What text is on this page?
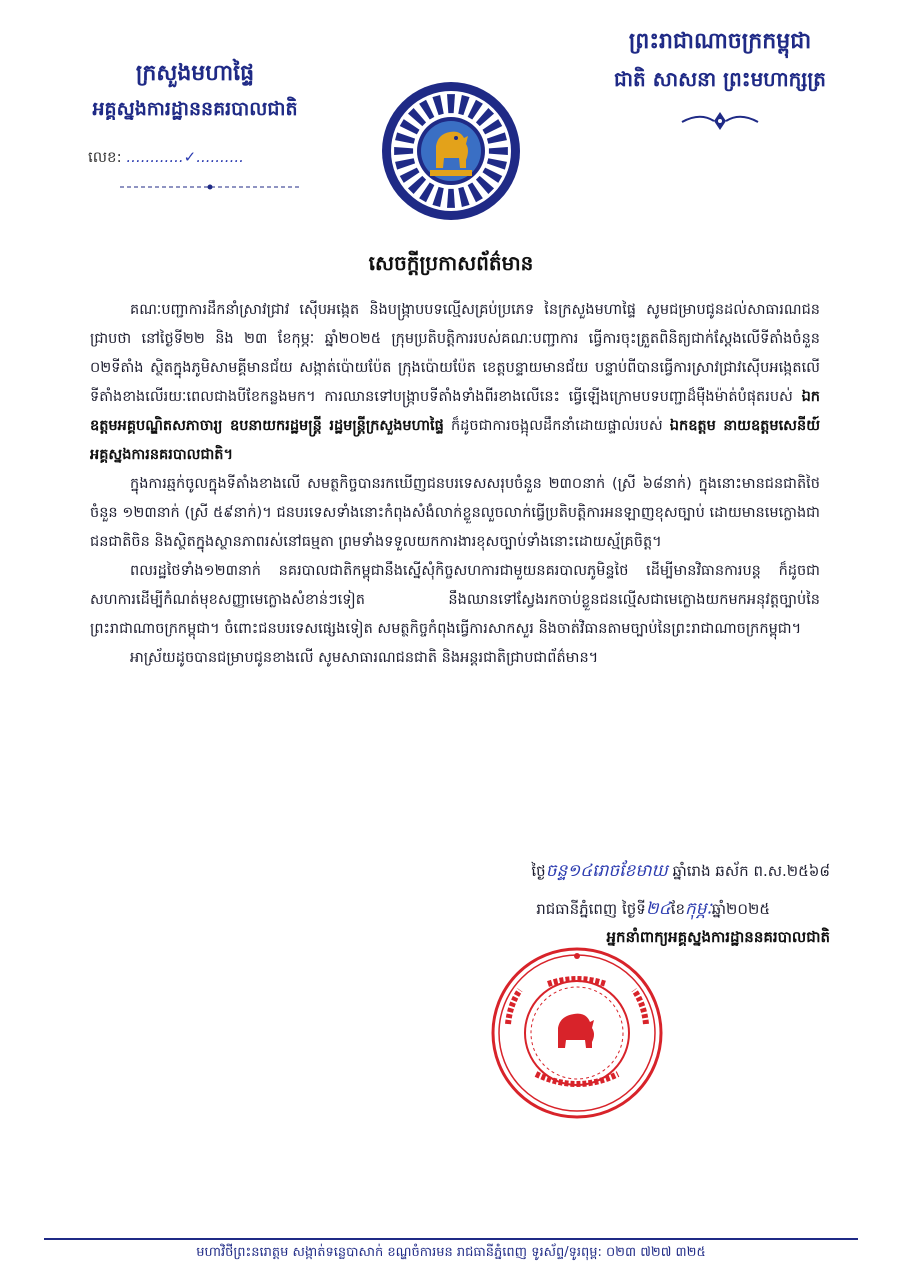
ក្រសួងមហាផ្ទៃ
អគ្គស្នងការដ្ឋាននគរបាលជាតិ
លេខ: ............✓..........
ព្រះរាជាណាចក្រកម្ពុជា
ជាតិ សាសនា ព្រះមហាក្សត្រ
សេចក្តីប្រកាសព័ត៌មាន

គណៈបញ្ជាការដឹកនាំស្រាវជ្រាវ ស៊ើបអង្កេត និងបង្ក្រាបបទល្មើសគ្រប់ប្រភេទ នៃក្រសួងមហាផ្ទៃ សូមជម្រាបជូនដល់សាធារណជនជ្រាបថា នៅថ្ងៃទី២២ និង ២៣ ខែកុម្ភៈ ឆ្នាំ២០២៥ ក្រុមប្រតិបត្តិការរបស់គណៈបញ្ជាការ ធ្វើការចុះត្រួតពិនិត្យជាក់ស្តែងលើទីតាំងចំនួន ០២ទីតាំង ស្ថិតក្នុងភូមិសាមគ្គីមានជ័យ សង្កាត់ប៉ោយប៉ែត ក្រុងប៉ោយប៉ែត ខេត្តបន្ទាយមានជ័យ បន្ទាប់ពីបានធ្វើការស្រាវជ្រាវស៊ើបអង្កេតលើទីតាំងខាងលើរយៈពេលជាងបីខែកន្លងមក។ ការឈានទៅបង្ក្រាបទីតាំងទាំងពីរខាងលើនេះ ធ្វើឡើងក្រោមបទបញ្ជាដ៏ម៉ឺងម៉ាត់បំផុតរបស់ ឯកឧត្តមអគ្គបណ្ឌិតសភាចារ្យ ឧបនាយករដ្ឋមន្ត្រី រដ្ឋមន្ត្រីក្រសួងមហាផ្ទៃ ក៏ដូចជាការចង្អុលដឹកនាំដោយផ្ទាល់របស់ ឯកឧត្តម នាយឧត្តមសេនីយ៍ អគ្គស្នងការនគរបាលជាតិ។

ក្នុងការឆ្មក់ចូលក្នុងទីតាំងខាងលើ សមត្ថកិច្ចបានរកឃើញជនបរទេសសរុបចំនួន ២៣០នាក់ (ស្រី ៦៨នាក់) ក្នុងនោះមានជនជាតិថៃចំនួន ១២៣នាក់ (ស្រី ៥៩នាក់)។ ជនបរទេសទាំងនោះកំពុងសំងំលាក់ខ្លួនលួចលាក់ធ្វើប្រតិបត្តិការអនឡាញខុសច្បាប់ ដោយមានមេក្លោងជាជនជាតិចិន និងស្ថិតក្នុងស្ថានភាពរស់នៅធម្មតា ព្រមទាំងទទួលយកការងារខុសច្បាប់ទាំងនោះដោយស្ម័គ្រចិត្ត។

ពលរដ្ឋថៃទាំង១២៣នាក់ នគរបាលជាតិកម្ពុជានឹងស្នើសុំកិច្ចសហការជាមួយនគរបាលភូមិន្ទថៃ ដើម្បីមានវិធានការបន្ត ក៏ដូចជាសហការដើម្បីកំណត់មុខសញ្ញាមេក្លោងសំខាន់ៗទៀត នឹងឈានទៅស្វែងរកចាប់ខ្លួនជនល្មើសជាមេក្លោងយកមកអនុវត្តច្បាប់នៃព្រះរាជាណាចក្រកម្ពុជា។ ចំពោះជនបរទេសផ្សេងទៀត សមត្ថកិច្ចកំពុងធ្វើការសាកសួរ និងចាត់វិធានតាមច្បាប់នៃព្រះរាជាណាចក្រកម្ពុជា។

អាស្រ័យដូចបានជម្រាបជូនខាងលើ សូមសាធារណជនជាតិ និងអន្តរជាតិជ្រាបជាព័ត៌មាន។

ថ្ងៃចន្ទ១៤រោចខែមាឃ ឆ្នាំរោង ឆស័ក ព.ស.២៥៦៨
រាជធានីភ្នំពេញ ថ្ងៃទី២៤ខែកុម្ភៈឆ្នាំ២០២៥
អ្នកនាំពាក្យអគ្គស្នងការដ្ឋាននគរបាលជាតិ
មហាវិថីព្រះនរោត្តម សង្កាត់ទន្លេបាសាក់ ខណ្ឌចំការមន រាជធានីភ្នំពេញ ទូរស័ព្ទ/ទូរពុម្ព: ០២៣ ៧២៧ ៣២៥
